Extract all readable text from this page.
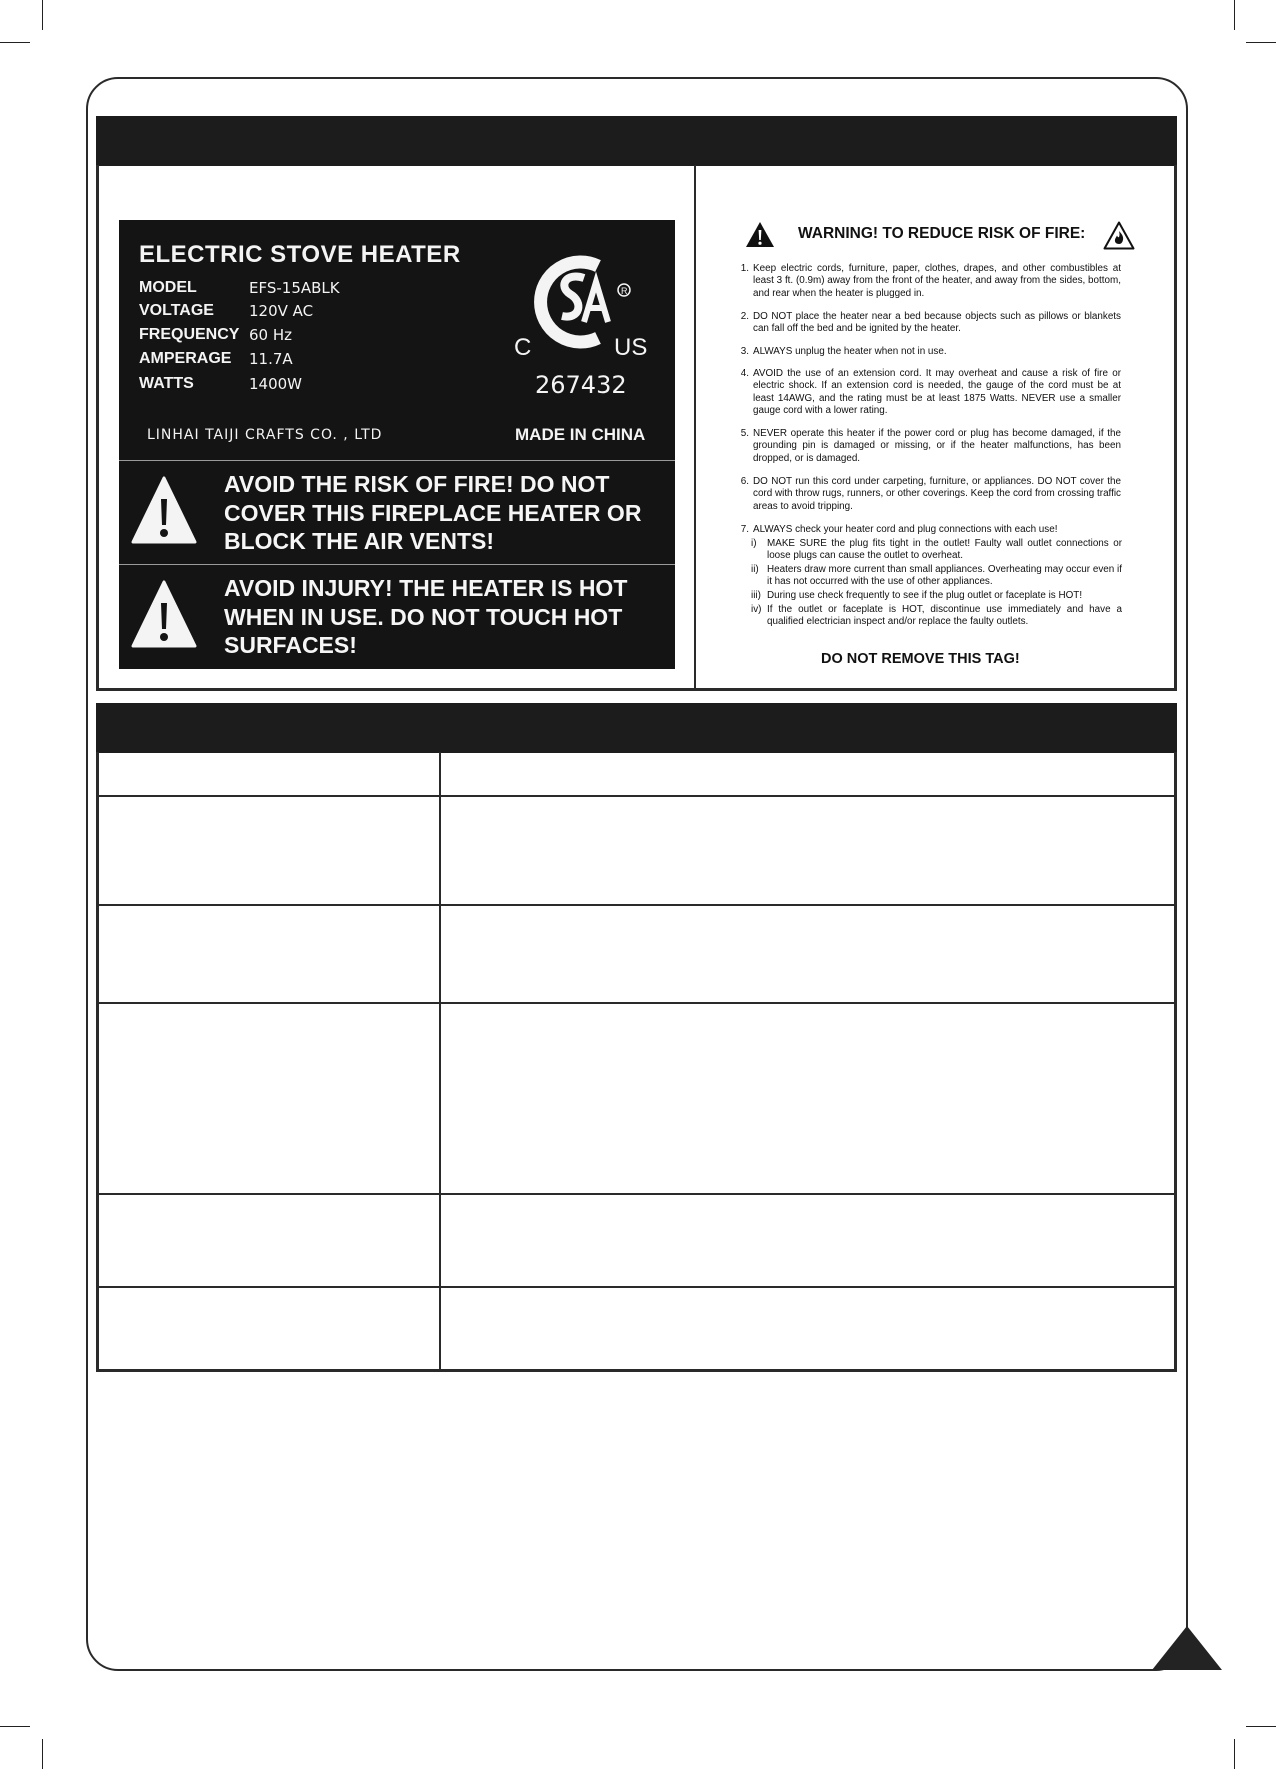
ELECTRIC STOVE HEATER
MODEL	EFS-15ABLK
VOLTAGE	120V AC
FREQUENCY 60 Hz
AMPERAGE	11.7A
WATTS	1400W
R
C	US
267432
LINHAI TAIJI CRAFTS CO. , LTD	MADE IN CHINA
AVOID THE RISK OF FIRE! DO NOT COVER THIS FIREPLACE HEATER OR BLOCK THE AIR VENTS!
AVOID INJURY! THE HEATER IS HOT WHEN IN USE. DO NOT TOUCH HOT SURFACES!
WARNING! TO REDUCE RISK OF FIRE:
1. Keep electric cords, furniture, paper, clothes, drapes, and other combustibles at least 3 ft. (0.9m) away from the front of the heater, and away from the sides, bottom, and rear when the heater is plugged in.
2. DO NOT place the heater near a bed because objects such as pillows or blankets can fall off the bed and be ignited by the heater.
3. ALWAYS unplug the heater when not in use.
4. AVOID the use of an extension cord. It may overheat and cause a risk of fire or electric shock. If an extension cord is needed, the gauge of the cord must be at least 14AWG, and the rating must be at least 1875 Watts. NEVER use a smaller gauge cord with a lower rating.
5. NEVER operate this heater if the power cord or plug has become damaged, if the grounding pin is damaged or missing, or if the heater malfunctions, has been dropped, or is damaged.
6. DO NOT run this cord under carpeting, furniture, or appliances. DO NOT cover the cord with throw rugs, runners, or other coverings. Keep the cord from crossing traffic areas to avoid tripping.
7. ALWAYS check your heater cord and plug connections with each use!
i) MAKE SURE the plug fits tight in the outlet! Faulty wall outlet connections or loose plugs can cause the outlet to overheat.
ii) Heaters draw more current than small appliances. Overheating may occur even if it has not occurred with the use of other appliances.
iii) During use check frequently to see if the plug outlet or faceplate is HOT!
iv) If the outlet or faceplate is HOT, discontinue use immediately and have a qualified electrician inspect and/or replace the faulty outlets.
DO NOT REMOVE THIS TAG!
